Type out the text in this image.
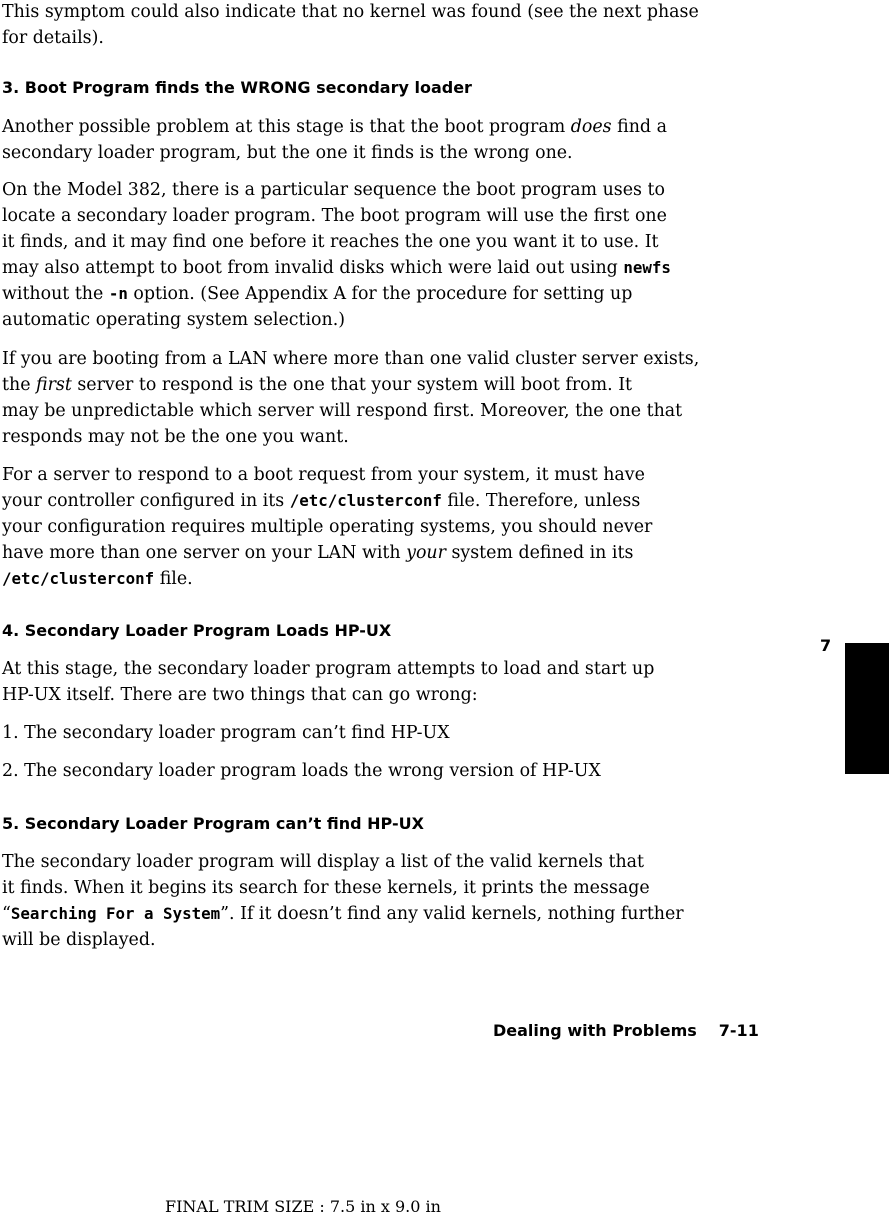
This symptom could also indicate that no kernel was found (see the next phase

for details).

3. Boot Program finds the WRONG secondary loader

Another possible problem at this stage is that the boot program does find a

secondary loader program, but the one it finds is the wrong one.

On the Model 382, there is a particular sequence the boot program uses to

locate a secondary loader program. The boot program will use the first one

it finds, and it may find one before it reaches the one you want it to use. It

may also attempt to boot from invalid disks which were laid out using newfs

without the -n option. (See Appendix A for the procedure for setting up

automatic operating system selection.)

If you are booting from a LAN where more than one valid cluster server exists,

the first server to respond is the one that your system will boot from. It

may be unpredictable which server will respond first. Moreover, the one that

responds may not be the one you want.

For a server to respond to a boot request from your system, it must have

your controller configured in its /etc/clusterconf file. Therefore, unless

your configuration requires multiple operating systems, you should never

have more than one server on your LAN with your system defined in its

/etc/clusterconf file.

4. Secondary Loader Program Loads HP-UX

At this stage, the secondary loader program attempts to load and start up

HP-UX itself. There are two things that can go wrong:

1. The secondary loader program can’t find HP-UX

2. The secondary loader program loads the wrong version of HP-UX

5. Secondary Loader Program can’t find HP-UX

The secondary loader program will display a list of the valid kernels that

it finds. When it begins its search for these kernels, it prints the message

“Searching For a System”. If it doesn’t find any valid kernels, nothing further

will be displayed.

7
Dealing with Problems 7-11
FINAL TRIM SIZE : 7.5 in x 9.0 in
